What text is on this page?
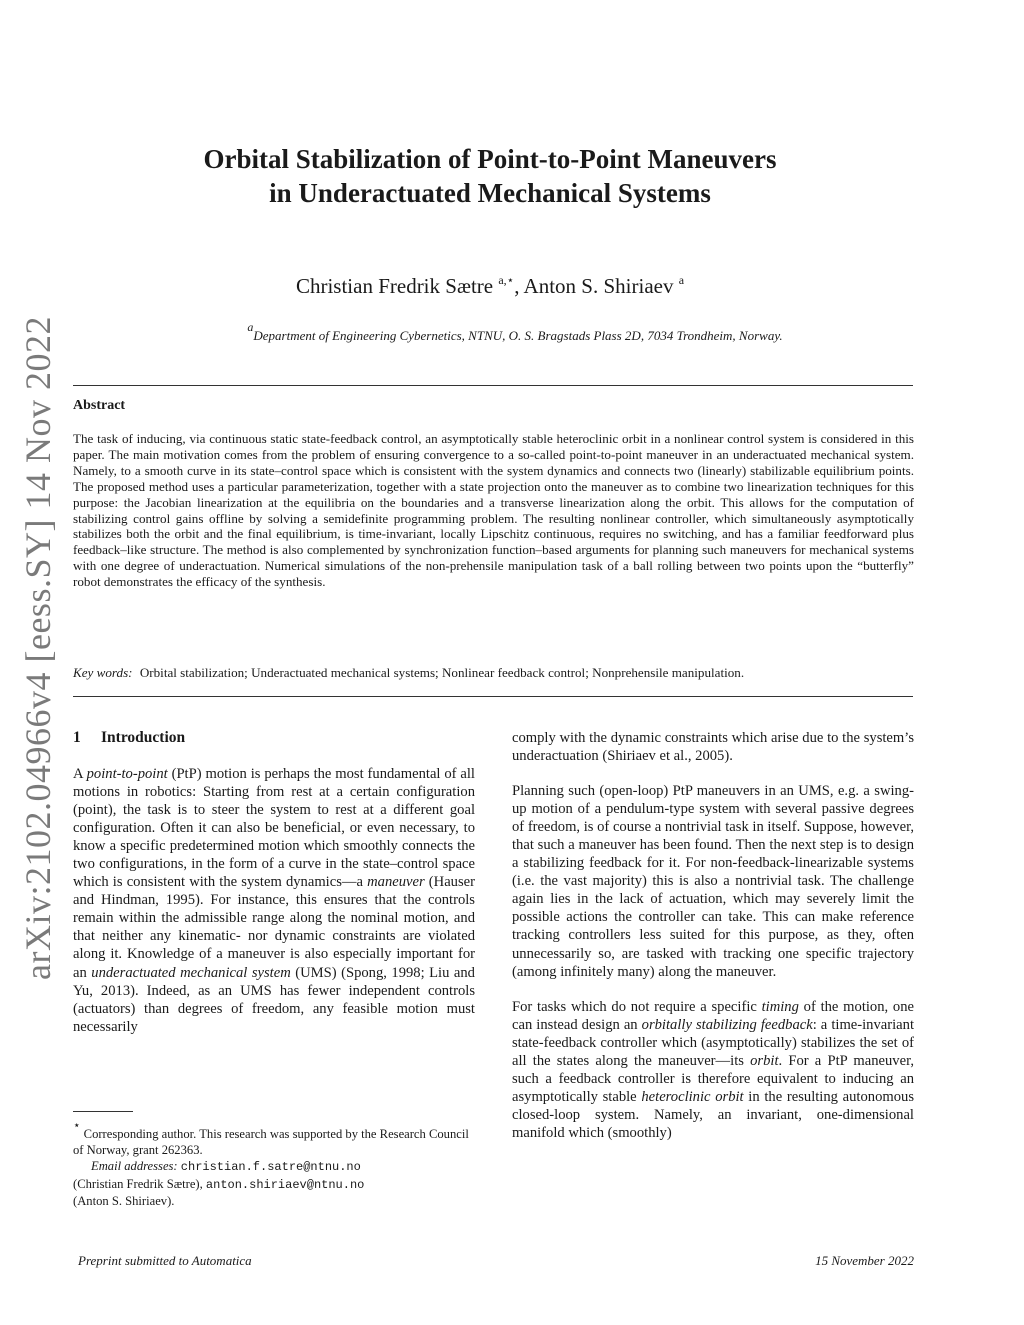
arXiv:2102.04966v4 [eess.SY] 14 Nov 2022
Orbital Stabilization of Point-to-Point Maneuvers
in Underactuated Mechanical Systems
Christian Fredrik Sætre $^{a,⋆}$, Anton S. Shiriaev $^a$
$^a$Department of Engineering Cybernetics, NTNU, O. S. Bragstads Plass 2D, 7034 Trondheim, Norway.
Abstract
The task of inducing, via continuous static state-feedback control, an asymptotically stable heteroclinic orbit in a nonlinear control system is considered in this paper. The main motivation comes from the problem of ensuring convergence to a so-called point-to-point maneuver in an underactuated mechanical system. Namely, to a smooth curve in its state–control space which is consistent with the system dynamics and connects two (linearly) stabilizable equilibrium points. The proposed method uses a particular parameterization, together with a state projection onto the maneuver as to combine two linearization techniques for this purpose: the Jacobian linearization at the equilibria on the boundaries and a transverse linearization along the orbit. This allows for the computation of stabilizing control gains offline by solving a semidefinite programming problem. The resulting nonlinear controller, which simultaneously asymptotically stabilizes both the orbit and the final equilibrium, is time-invariant, locally Lipschitz continuous, requires no switching, and has a familiar feedforward plus feedback–like structure. The method is also complemented by synchronization function–based arguments for planning such maneuvers for mechanical systems with one degree of underactuation. Numerical simulations of the non-prehensile manipulation task of a ball rolling between two points upon the “butterfly” robot demonstrates the efficacy of the synthesis.
Key words: Orbital stabilization; Underactuated mechanical systems; Nonlinear feedback control; Nonprehensile manipulation.
1 Introduction

A point-to-point (PtP) motion is perhaps the most fundamental of all motions in robotics: Starting from rest at a certain configuration (point), the task is to steer the system to rest at a different goal configuration. Often it can also be beneficial, or even necessary, to know a specific predetermined motion which smoothly connects the two configurations, in the form of a curve in the state–control space which is consistent with the system dynamics—a maneuver (Hauser and Hindman, 1995). For instance, this ensures that the controls remain within the admissible range along the nominal motion, and that neither any kinematic- nor dynamic constraints are violated along it. Knowledge of a maneuver is also especially important for an underactuated mechanical system (UMS) (Spong, 1998; Liu and Yu, 2013). Indeed, as an UMS has fewer independent controls (actuators) than degrees of freedom, any feasible motion must necessarily

⋆ Corresponding author. This research was supported by the Research Council of Norway, grant 262363.

Email addresses: christian.f.satre@ntnu.no
(Christian Fredrik Sætre), anton.shiriaev@ntnu.no
(Anton S. Shiriaev).

comply with the dynamic constraints which arise due to the system’s underactuation (Shiriaev et al., 2005).

Planning such (open-loop) PtP maneuvers in an UMS, e.g. a swing-up motion of a pendulum-type system with several passive degrees of freedom, is of course a nontrivial task in itself. Suppose, however, that such a maneuver has been found. Then the next step is to design a stabilizing feedback for it. For non-feedback-linearizable systems (i.e. the vast majority) this is also a nontrivial task. The challenge again lies in the lack of actuation, which may severely limit the possible actions the controller can take. This can make reference tracking controllers less suited for this purpose, as they, often unnecessarily so, are tasked with tracking one specific trajectory (among infinitely many) along the maneuver.

For tasks which do not require a specific timing of the motion, one can instead design an orbitally stabilizing feedback: a time-invariant state-feedback controller which (asymptotically) stabilizes the set of all the states along the maneuver—its orbit. For a PtP maneuver, such a feedback controller is therefore equivalent to inducing an asymptotically stable heteroclinic orbit in the resulting autonomous closed-loop system. Namely, an invariant, one-dimensional manifold which (smoothly)

Preprint submitted to Automatica	15 November 2022
